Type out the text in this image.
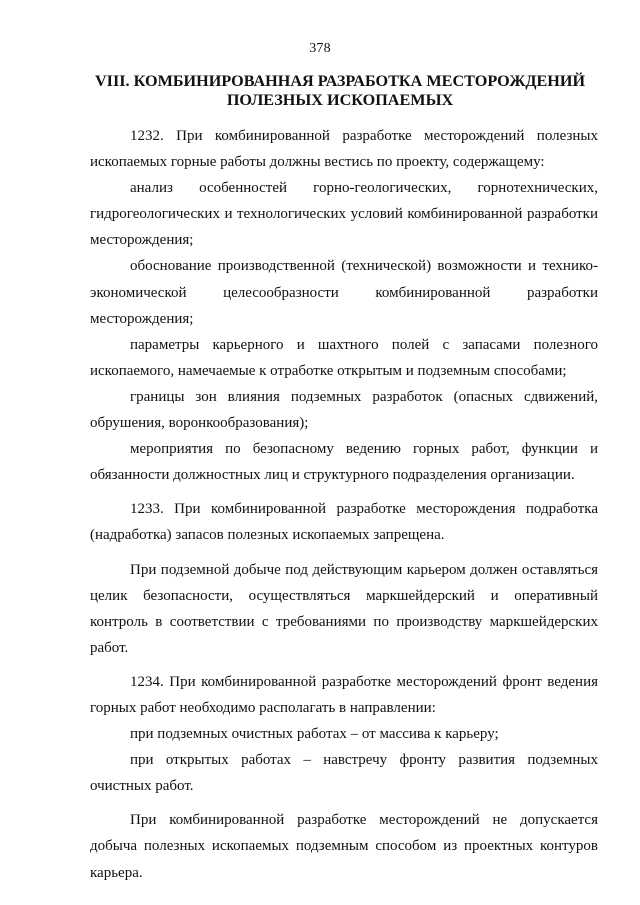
378
VIII. КОМБИНИРОВАННАЯ РАЗРАБОТКА МЕСТОРОЖДЕНИЙ
ПОЛЕЗНЫХ ИСКОПАЕМЫХ

1232. При комбинированной разработке месторождений полезных ископаемых горные работы должны вестись по проекту, содержащему:

анализ особенностей горно-геологических, горнотехнических, гидрогеологических и технологических условий комбинированной разработки месторождения;

обоснование производственной (технической) возможности и технико-экономической целесообразности комбинированной разработки месторождения;

параметры карьерного и шахтного полей с запасами полезного ископаемого, намечаемые к отработке открытым и подземным способами;

границы зон влияния подземных разработок (опасных сдвижений, обрушения, воронкообразования);

мероприятия по безопасному ведению горных работ, функции и обязанности должностных лиц и структурного подразделения организации.

1233. При комбинированной разработке месторождения подработка (надработка) запасов полезных ископаемых запрещена.

При подземной добыче под действующим карьером должен оставляться целик безопасности, осуществляться маркшейдерский и оперативный контроль в соответствии с требованиями по производству маркшейдерских работ.

1234. При комбинированной разработке месторождений фронт ведения горных работ необходимо располагать в направлении:

при подземных очистных работах – от массива к карьеру;

при открытых работах – навстречу фронту развития подземных очистных работ.

При комбинированной разработке месторождений не допускается добыча полезных ископаемых подземным способом из проектных контуров карьера.
